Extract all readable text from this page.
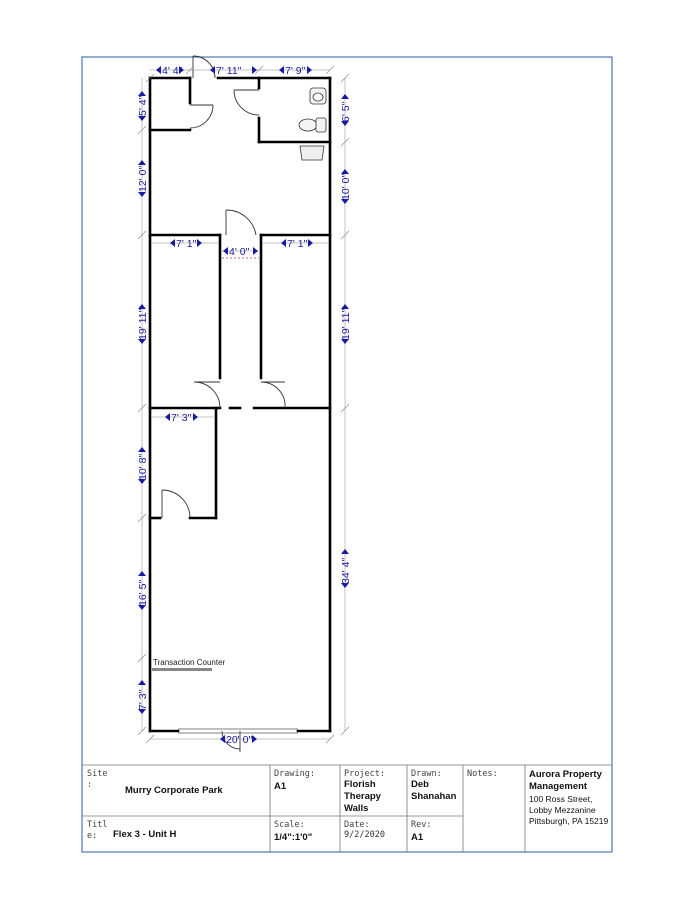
4' 4"	7' 11"	7' 9"
5' 4"
12' 0"
19' 11"
10' 8"
16' 5"
7' 3"
6' 5"
10' 0"
19' 11"
34' 4"
7' 1"
4' 0"
7' 1"
7' 3"
20' 0"
Transaction Counter
Site
:	Murry Corporate Park
Titl
e: Flex 3 - Unit H
Drawing:
A1
Scale:
1/4":1'0"
Project:
Florish
Therapy
Walls
Date:
9/2/2020
Drawn:
Deb
Shanahan
Rev:
A1
Notes:	Aurora Property
Management
100 Ross Street,
Lobby Mezzanine
Pittsburgh, PA 15219
